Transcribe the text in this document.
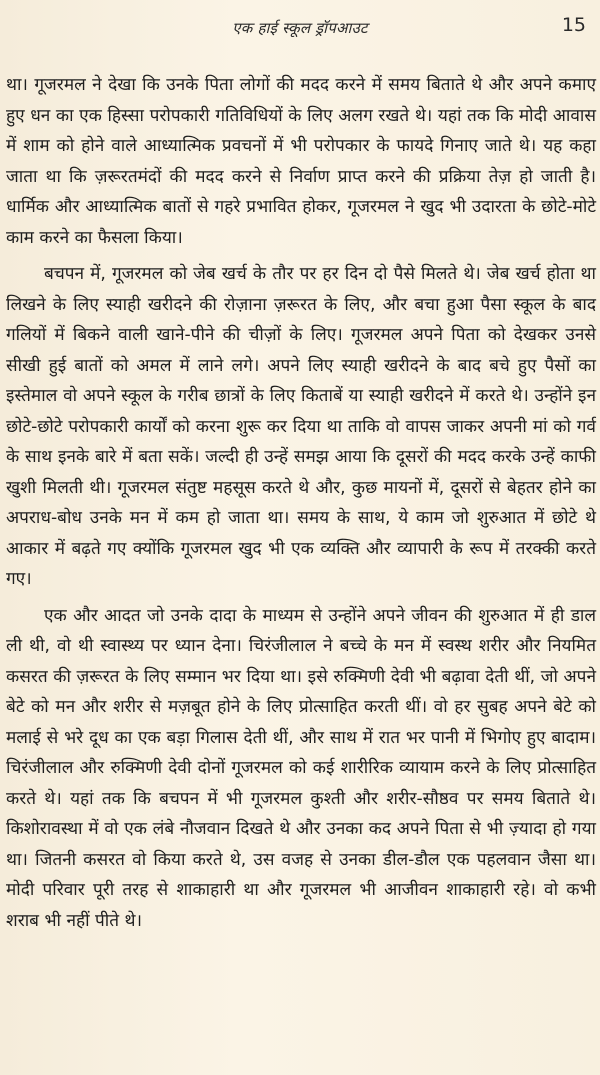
एक हाई स्कूल ड्रॉपआउट	15

था। गूजरमल ने देखा कि उनके पिता लोगों की मदद करने में समय बिताते थे और अपने कमाए हुए धन का एक हिस्सा परोपकारी गतिविधियों के लिए अलग रखते थे। यहां तक कि मोदी आवास में शाम को होने वाले आध्यात्मिक प्रवचनों में भी परोपकार के फायदे गिनाए जाते थे। यह कहा जाता था कि ज़रूरतमंदों की मदद करने से निर्वाण प्राप्त करने की प्रक्रिया तेज़ हो जाती है। धार्मिक और आध्यात्मिक बातों से गहरे प्रभावित होकर, गूजरमल ने खुद भी उदारता के छोटे-मोटे काम करने का फैसला किया।

बचपन में, गूजरमल को जेब खर्च के तौर पर हर दिन दो पैसे मिलते थे। जेब खर्च होता था लिखने के लिए स्याही खरीदने की रोज़ाना ज़रूरत के लिए, और बचा हुआ पैसा स्कूल के बाद गलियों में बिकने वाली खाने-पीने की चीज़ों के लिए। गूजरमल अपने पिता को देखकर उनसे सीखी हुई बातों को अमल में लाने लगे। अपने लिए स्याही खरीदने के बाद बचे हुए पैसों का इस्तेमाल वो अपने स्कूल के गरीब छात्रों के लिए किताबें या स्याही खरीदने में करते थे। उन्होंने इन छोटे-छोटे परोपकारी कार्यों को करना शुरू कर दिया था ताकि वो वापस जाकर अपनी मां को गर्व के साथ इनके बारे में बता सकें। जल्दी ही उन्हें समझ आया कि दूसरों की मदद करके उन्हें काफी खुशी मिलती थी। गूजरमल संतुष्ट महसूस करते थे और, कुछ मायनों में, दूसरों से बेहतर होने का अपराध-बोध उनके मन में कम हो जाता था। समय के साथ, ये काम जो शुरुआत में छोटे थे आकार में बढ़ते गए क्योंकि गूजरमल खुद भी एक व्यक्ति और व्यापारी के रूप में तरक्की करते गए।

एक और आदत जो उनके दादा के माध्यम से उन्होंने अपने जीवन की शुरुआत में ही डाल ली थी, वो थी स्वास्थ्य पर ध्यान देना। चिरंजीलाल ने बच्चे के मन में स्वस्थ शरीर और नियमित कसरत की ज़रूरत के लिए सम्मान भर दिया था। इसे रुक्मिणी देवी भी बढ़ावा देती थीं, जो अपने बेटे को मन और शरीर से मज़बूत होने के लिए प्रोत्साहित करती थीं। वो हर सुबह अपने बेटे को मलाई से भरे दूध का एक बड़ा गिलास देती थीं, और साथ में रात भर पानी में भिगोए हुए बादाम। चिरंजीलाल और रुक्मिणी देवी दोनों गूजरमल को कई शारीरिक व्यायाम करने के लिए प्रोत्साहित करते थे। यहां तक कि बचपन में भी गूजरमल कुश्ती और शरीर-सौष्ठव पर समय बिताते थे। किशोरावस्था में वो एक लंबे नौजवान दिखते थे और उनका कद अपने पिता से भी ज़्यादा हो गया था। जितनी कसरत वो किया करते थे, उस वजह से उनका डील-डौल एक पहलवान जैसा था। मोदी परिवार पूरी तरह से शाकाहारी था और गूजरमल भी आजीवन शाकाहारी रहे। वो कभी शराब भी नहीं पीते थे।
